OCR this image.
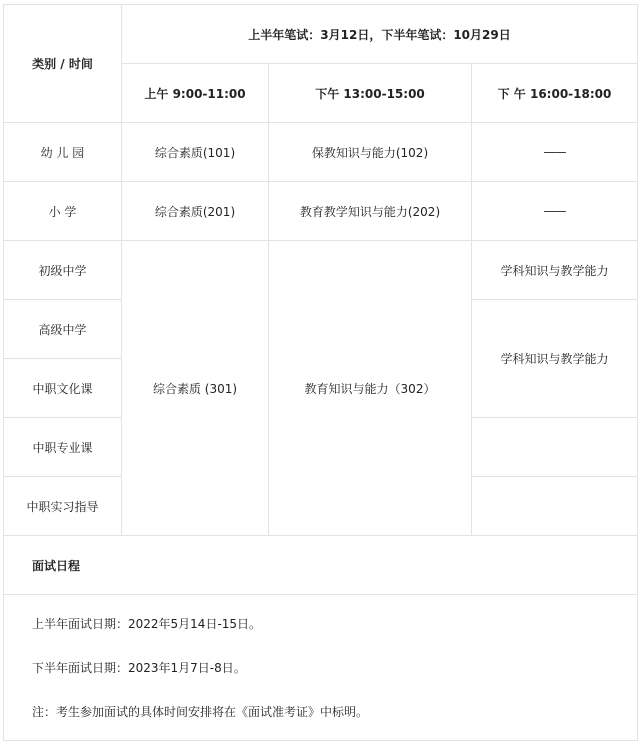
类别 / 时间	上半年笔试：3月12日，下半年笔试：10月29日		
	上午 9:00-11:00	下午 13:00-15:00	下 午 16:00-18:00
幼 儿 园	综合素质(101)	保教知识与能力(102)	——
小 学	综合素质(201)	教育教学知识与能力(202)	——
初级中学	综合素质 (301)	教育知识与能力（302）	学科知识与教学能力
高级中学			学科知识与教学能力
中职文化课			
中职专业课			
中职实习指导			
面试日程			

上半年面试日期：2022年5月14日-15日。

下半年面试日期：2023年1月7日-8日。

注：考生参加面试的具体时间安排将在《面试准考证》中标明。			
